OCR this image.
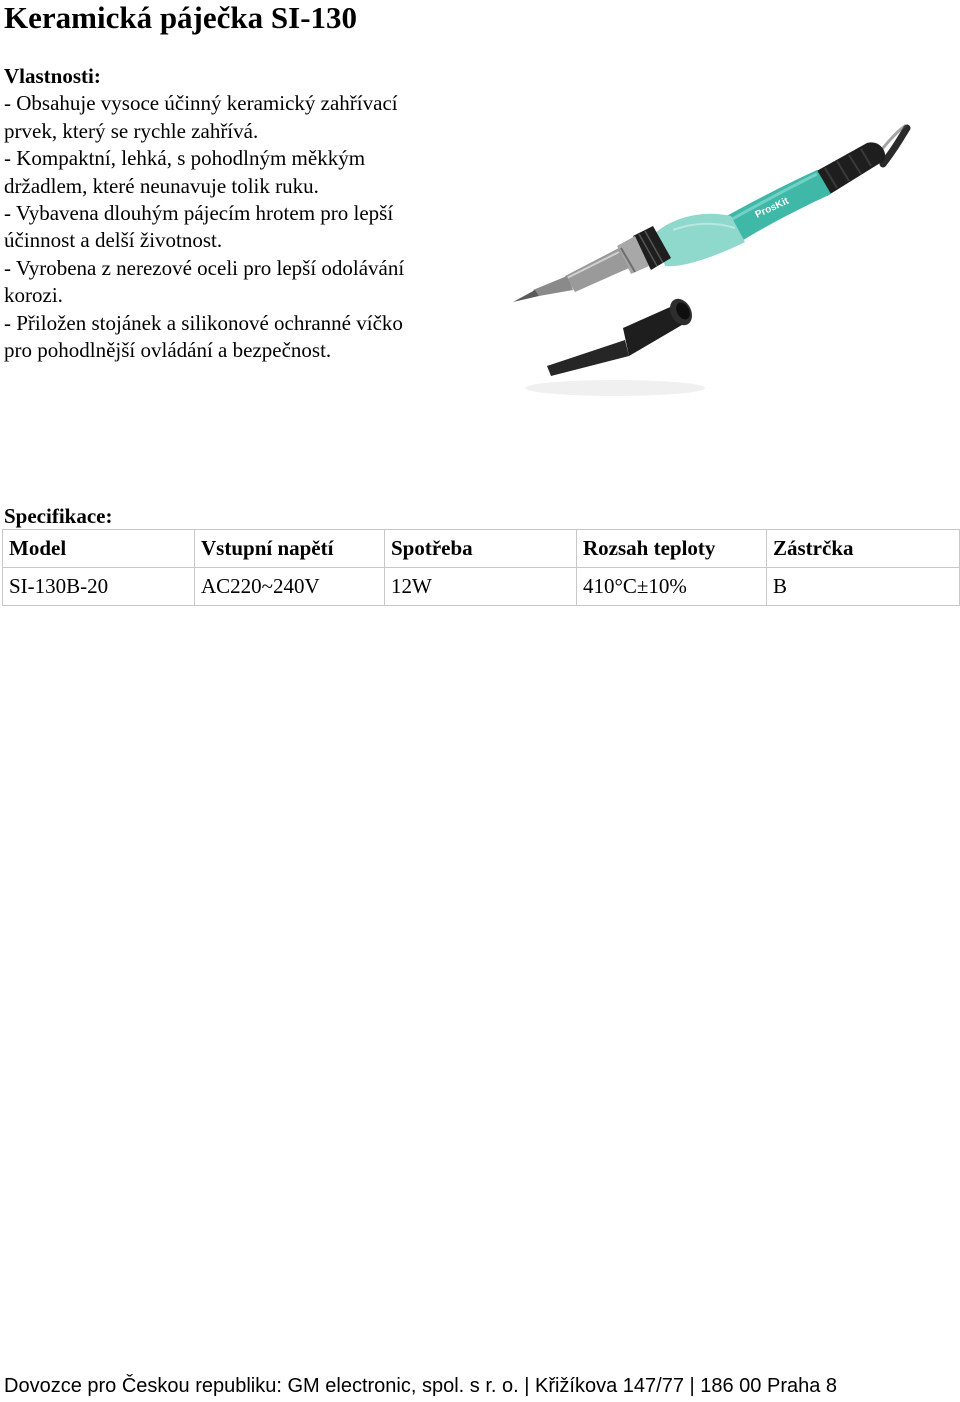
Keramická páječka SI-130
Vlastnosti:
- Obsahuje vysoce účinný keramický zahřívací
prvek, který se rychle zahřívá.
- Kompaktní, lehká, s pohodlným měkkým
držadlem, které neunavuje tolik ruku.
- Vybavena dlouhým pájecím hrotem pro lepší
účinnost a delší životnost.
- Vyrobena z nerezové oceli pro lepší odolávání
korozi.
- Přiložen stojánek a silikonové ochranné víčko
pro pohodlnější ovládání a bezpečnost.
ProsKit
Specifikace:
Model	Vstupní napětí	Spotřeba	Rozsah teploty	Zástrčka
SI-130B-20	AC220~240V	12W	410°C±10%	B
Dovozce pro Českou republiku: GM electronic, spol. s r. o. | Křižíkova 147/77 | 186 00 Praha 8
